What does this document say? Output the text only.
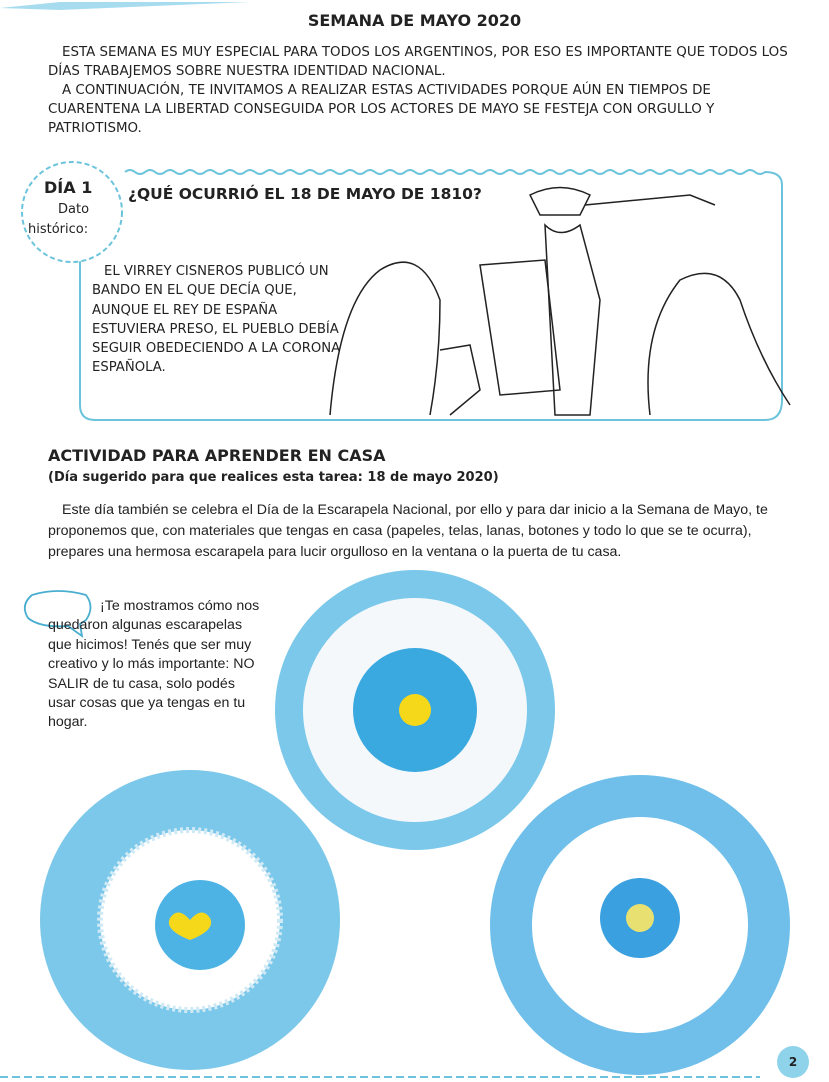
SEMANA DE MAYO 2020

ESTA SEMANA ES MUY ESPECIAL PARA TODOS LOS ARGENTINOS, POR ESO ES IMPORTANTE QUE TODOS LOS DÍAS TRABAJEMOS SOBRE NUESTRA IDENTIDAD NACIONAL.

A CONTINUACIÓN, TE INVITAMOS A REALIZAR ESTAS ACTIVIDADES PORQUE AÚN EN TIEMPOS DE CUARENTENA LA LIBERTAD CONSEGUIDA POR LOS ACTORES DE MAYO SE FESTEJA CON ORGULLO Y PATRIOTISMO.

DÍA 1
Dato
histórico:
¿QUÉ OCURRIÓ EL 18 DE MAYO DE 1810?

EL VIRREY CISNEROS PUBLICÓ UN BANDO EN EL QUE DECÍA QUE, AUNQUE EL REY DE ESPAÑA ESTUVIERA PRESO, EL PUEBLO DEBÍA SEGUIR OBEDECIENDO A LA CORONA ESPAÑOLA.

ACTIVIDAD PARA APRENDER EN CASA
(Día sugerido para que realices esta tarea: 18 de mayo 2020)

Este día también se celebra el Día de la Escarapela Nacional, por ello y para dar inicio a la Semana de Mayo, te proponemos que, con materiales que tengas en casa (papeles, telas, lanas, botones y todo lo que se te ocurra), prepares una hermosa escarapela para lucir orgulloso en la ventana o la puerta de tu casa.

¡Te mostramos cómo nos quedaron algunas escarapelas que hicimos! Tenés que ser muy creativo y lo más importante: NO SALIR de tu casa, solo podés usar cosas que ya tengas en tu hogar.

2
